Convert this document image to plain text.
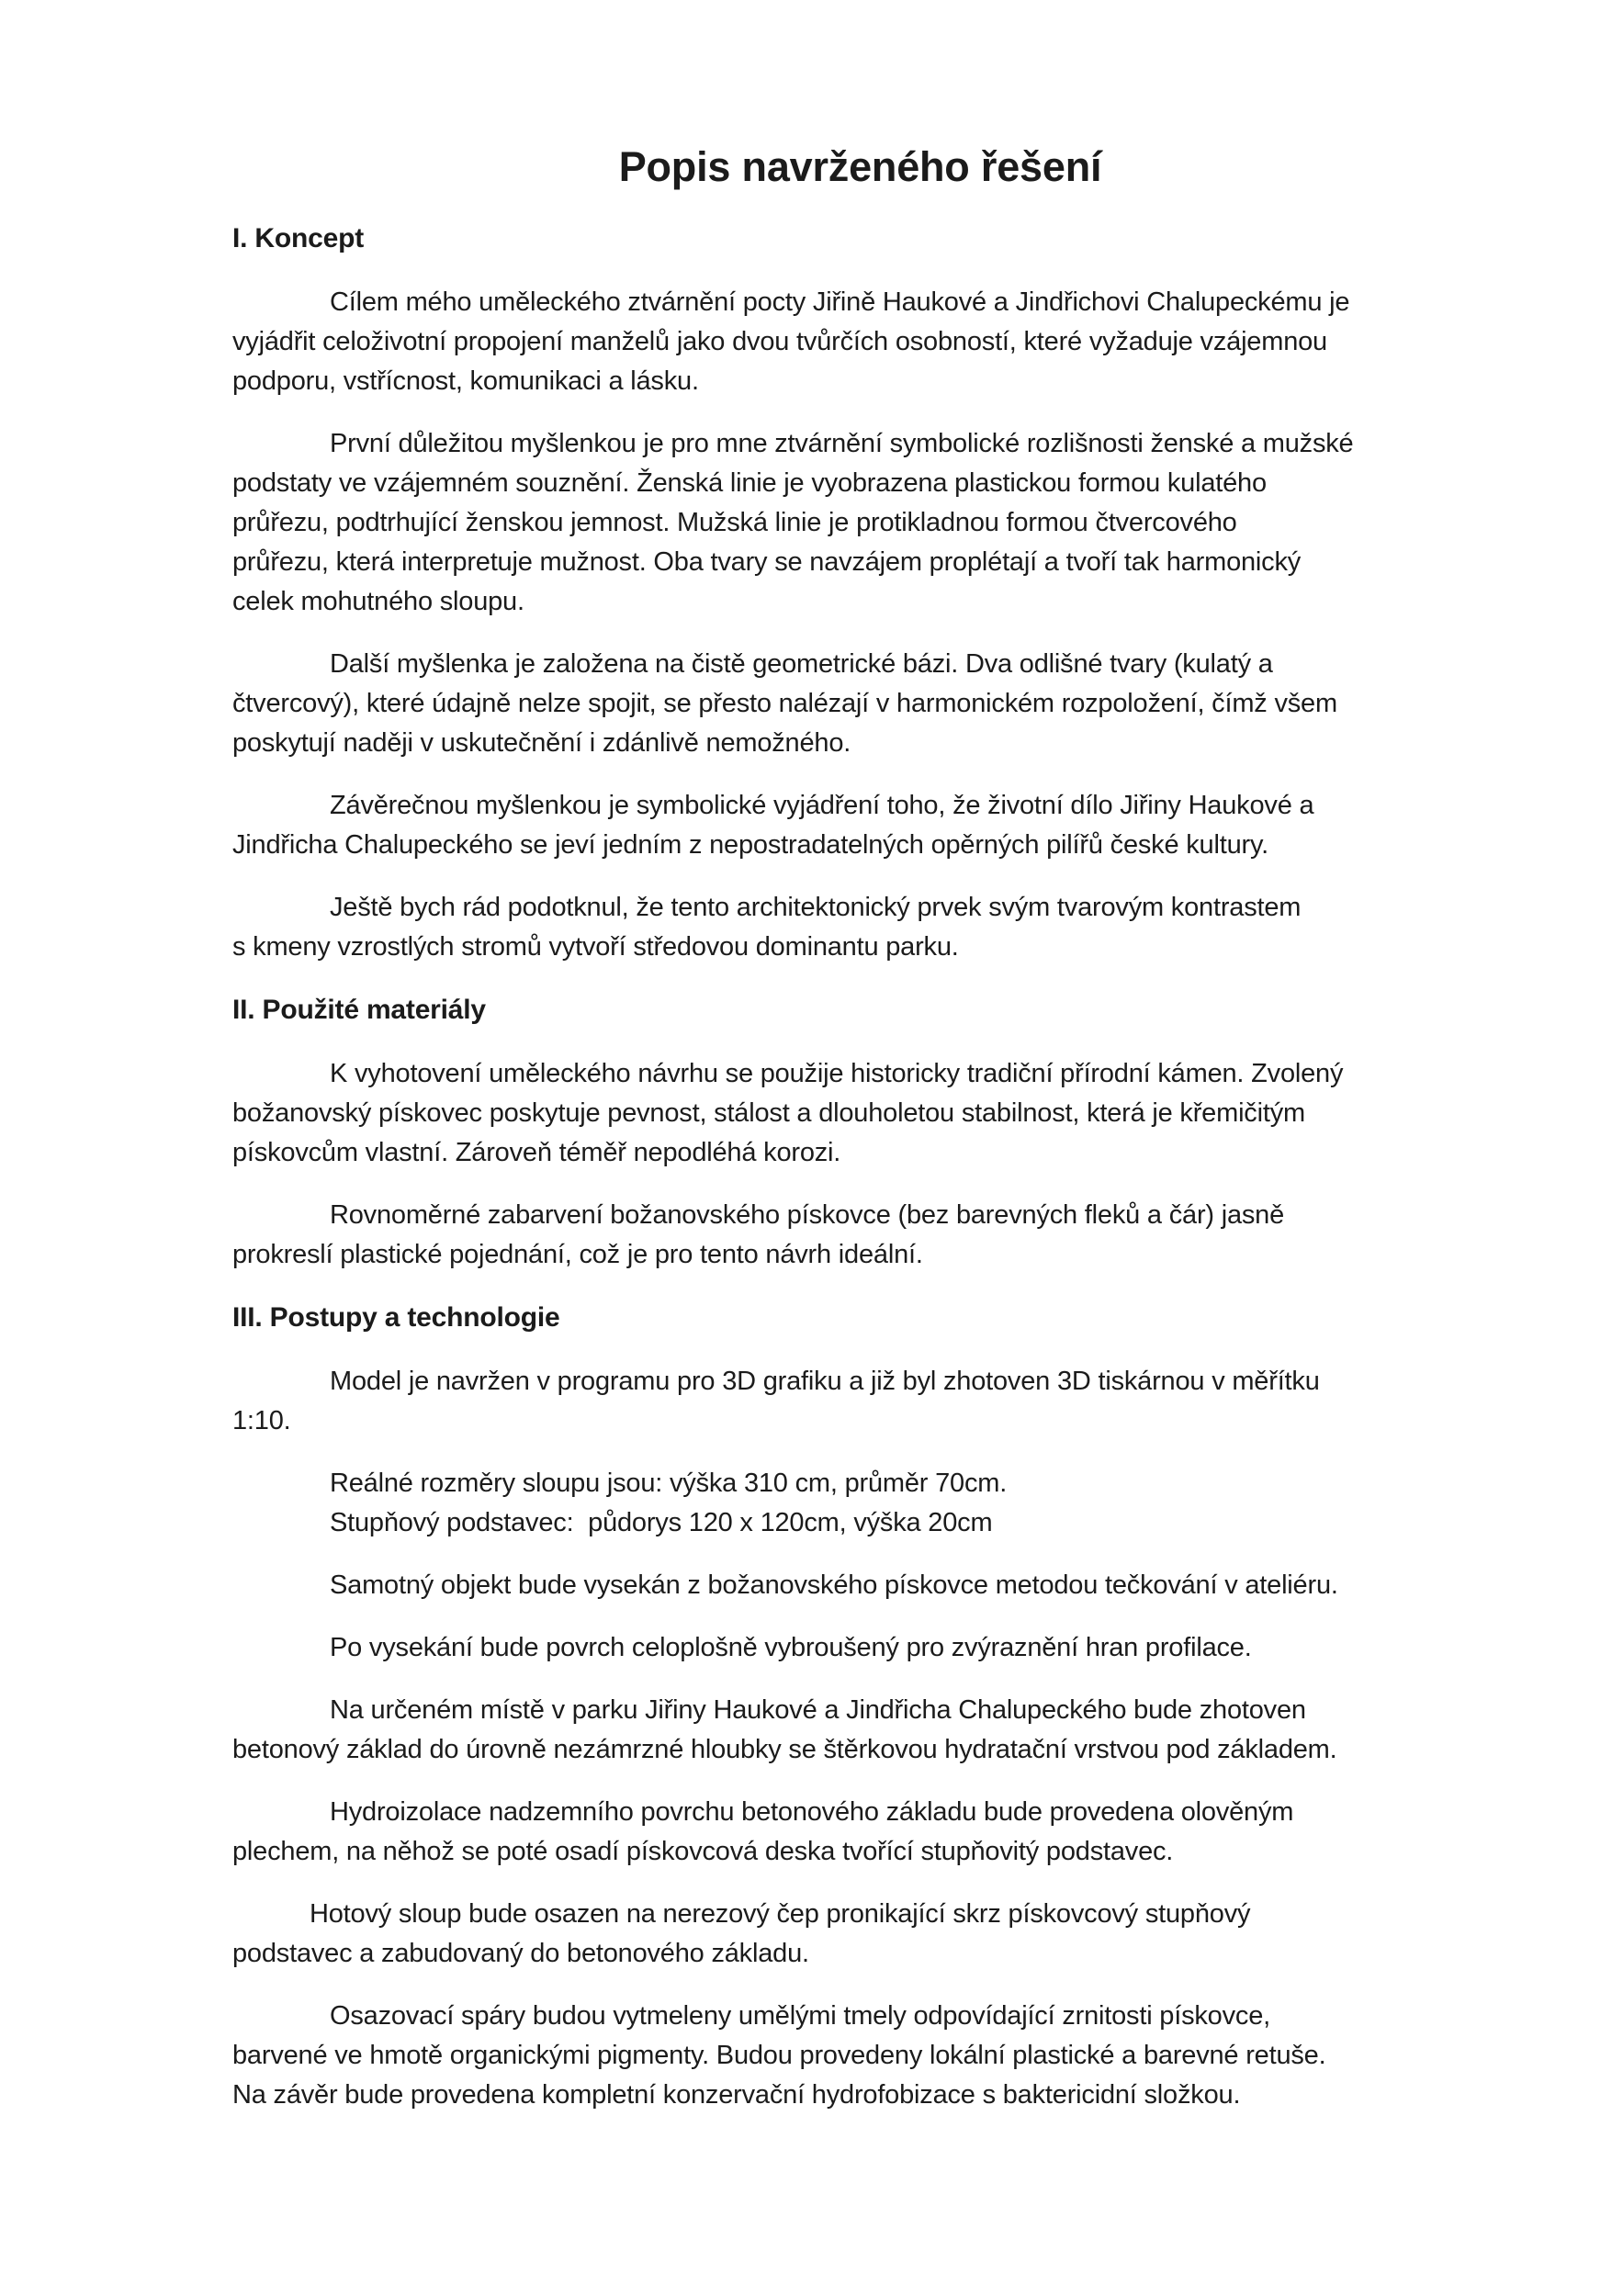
Popis navrženého řešení
I. Koncept

Cílem mého uměleckého ztvárnění pocty Jiřině Haukové a Jindřichovi Chalupeckému je
vyjádřit celoživotní propojení manželů jako dvou tvůrčích osobností, které vyžaduje vzájemnou
podporu, vstřícnost, komunikaci a lásku.

První důležitou myšlenkou je pro mne ztvárnění symbolické rozlišnosti ženské a mužské
podstaty ve vzájemném souznění. Ženská linie je vyobrazena plastickou formou kulatého
průřezu, podtrhující ženskou jemnost. Mužská linie je protikladnou formou čtvercového
průřezu, která interpretuje mužnost. Oba tvary se navzájem proplétají a tvoří tak harmonický
celek mohutného sloupu.

Další myšlenka je založena na čistě geometrické bázi. Dva odlišné tvary (kulatý a
čtvercový), které údajně nelze spojit, se přesto nalézají v harmonickém rozpoložení, čímž všem
poskytují naději v uskutečnění i zdánlivě nemožného.

Závěrečnou myšlenkou je symbolické vyjádření toho, že životní dílo Jiřiny Haukové a
Jindřicha Chalupeckého se jeví jedním z nepostradatelných opěrných pilířů české kultury.

Ještě bych rád podotknul, že tento architektonický prvek svým tvarovým kontrastem
s kmeny vzrostlých stromů vytvoří středovou dominantu parku.

II. Použité materiály

K vyhotovení uměleckého návrhu se použije historicky tradiční přírodní kámen. Zvolený
božanovský pískovec poskytuje pevnost, stálost a dlouholetou stabilnost, která je křemičitým
pískovcům vlastní. Zároveň téměř nepodléhá korozi.

Rovnoměrné zabarvení božanovského pískovce (bez barevných fleků a čár) jasně
prokreslí plastické pojednání, což je pro tento návrh ideální.

III. Postupy a technologie

Model je navržen v programu pro 3D grafiku a již byl zhotoven 3D tiskárnou v měřítku
1:10.

Reálné rozměry sloupu jsou: výška 310 cm, průměr 70cm.

Stupňový podstavec:  půdorys 120 x 120cm, výška 20cm

Samotný objekt bude vysekán z božanovského pískovce metodou tečkování v ateliéru.

Po vysekání bude povrch celoplošně vybroušený pro zvýraznění hran profilace.

Na určeném místě v parku Jiřiny Haukové a Jindřicha Chalupeckého bude zhotoven
betonový základ do úrovně nezámrzné hloubky se štěrkovou hydratační vrstvou pod základem.

Hydroizolace nadzemního povrchu betonového základu bude provedena olověným
plechem, na něhož se poté osadí pískovcová deska tvořící stupňovitý podstavec.

Hotový sloup bude osazen na nerezový čep pronikající skrz pískovcový stupňový
podstavec a zabudovaný do betonového základu.

Osazovací spáry budou vytmeleny umělými tmely odpovídající zrnitosti pískovce,
barvené ve hmotě organickými pigmenty. Budou provedeny lokální plastické a barevné retuše.
Na závěr bude provedena kompletní konzervační hydrofobizace s baktericidní složkou.
